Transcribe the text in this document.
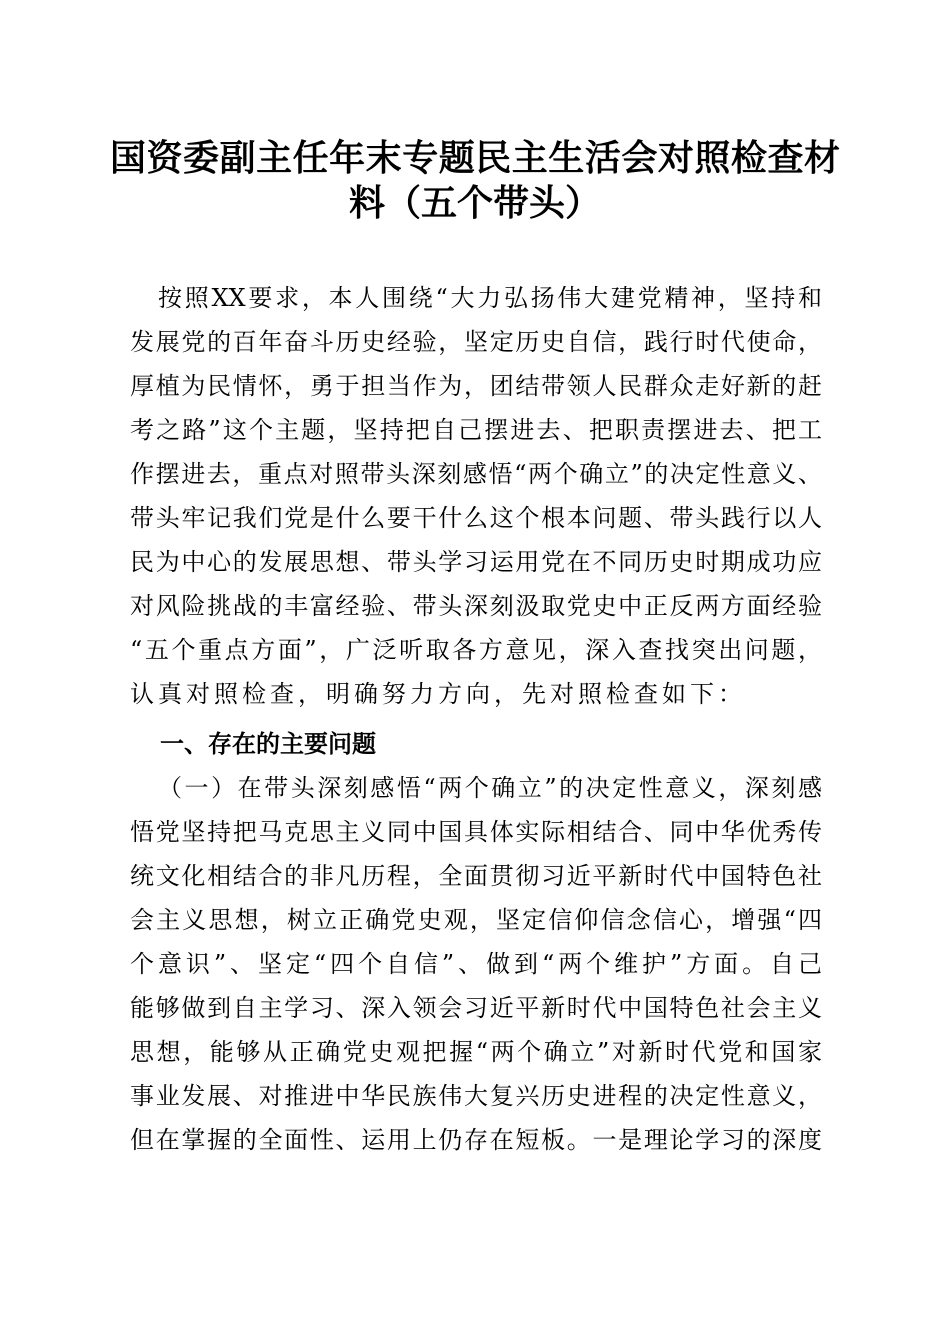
国资委副主任年末专题民主生活会对照检查材
料（五个带头）
按照XX要求，本人围绕“大力弘扬伟大建党精神，坚持和
发展党的百年奋斗历史经验，坚定历史自信，践行时代使命，
厚植为民情怀，勇于担当作为，团结带领人民群众走好新的赶
考之路”这个主题，坚持把自己摆进去、把职责摆进去、把工
作摆进去，重点对照带头深刻感悟“两个确立”的决定性意义、
带头牢记我们党是什么要干什么这个根本问题、带头践行以人
民为中心的发展思想、带头学习运用党在不同历史时期成功应
对风险挑战的丰富经验、带头深刻汲取党史中正反两方面经验
“五个重点方面”，广泛听取各方意见，深入查找突出问题，
认真对照检查，明确努力方向，先对照检查如下：
一、存在的主要问题
（一）在带头深刻感悟“两个确立”的决定性意义，深刻感
悟党坚持把马克思主义同中国具体实际相结合、同中华优秀传
统文化相结合的非凡历程，全面贯彻习近平新时代中国特色社
会主义思想，树立正确党史观，坚定信仰信念信心，增强“四
个意识”、坚定“四个自信”、做到“两个维护”方面。自己
能够做到自主学习、深入领会习近平新时代中国特色社会主义
思想，能够从正确党史观把握“两个确立”对新时代党和国家
事业发展、对推进中华民族伟大复兴历史进程的决定性意义，
但在掌握的全面性、运用上仍存在短板。一是理论学习的深度
